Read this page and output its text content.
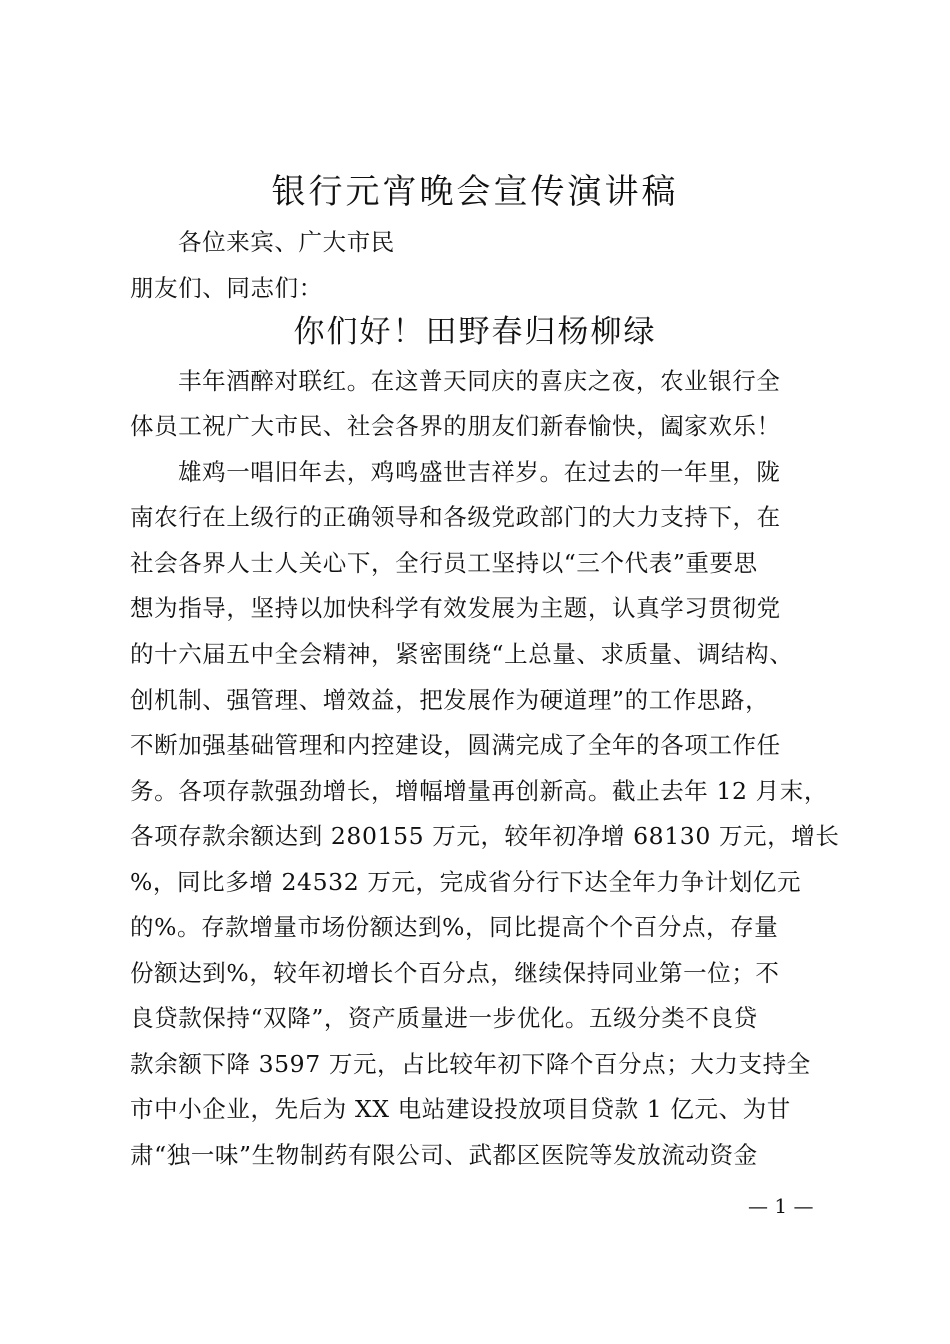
银行元宵晚会宣传演讲稿
各位来宾、广大市民
朋友们、同志们：
你们好！田野春归杨柳绿
丰年酒醉对联红。在这普天同庆的喜庆之夜，农业银行全
体员工祝广大市民、社会各界的朋友们新春愉快，阖家欢乐！
雄鸡一唱旧年去，鸡鸣盛世吉祥岁。在过去的一年里，陇
南农行在上级行的正确领导和各级党政部门的大力支持下，在
社会各界人士人关心下，全行员工坚持以“三个代表”重要思
想为指导，坚持以加快科学有效发展为主题，认真学习贯彻党
的十六届五中全会精神，紧密围绕“上总量、求质量、调结构、
创机制、强管理、增效益，把发展作为硬道理”的工作思路，
不断加强基础管理和内控建设，圆满完成了全年的各项工作任
务。各项存款强劲增长，增幅增量再创新高。截止去年 12 月末，
各项存款余额达到 280155 万元，较年初净增 68130 万元，增长
%，同比多增 24532 万元，完成省分行下达全年力争计划亿元
的%。存款增量市场份额达到%，同比提高个个百分点，存量
份额达到%，较年初增长个百分点，继续保持同业第一位；不
良贷款保持“双降”，资产质量进一步优化。五级分类不良贷
款余额下降 3597 万元，占比较年初下降个百分点；大力支持全
市中小企业，先后为 XX 电站建设投放项目贷款 1 亿元、为甘
肃“独一味”生物制药有限公司、武都区医院等发放流动资金
— 1 —
